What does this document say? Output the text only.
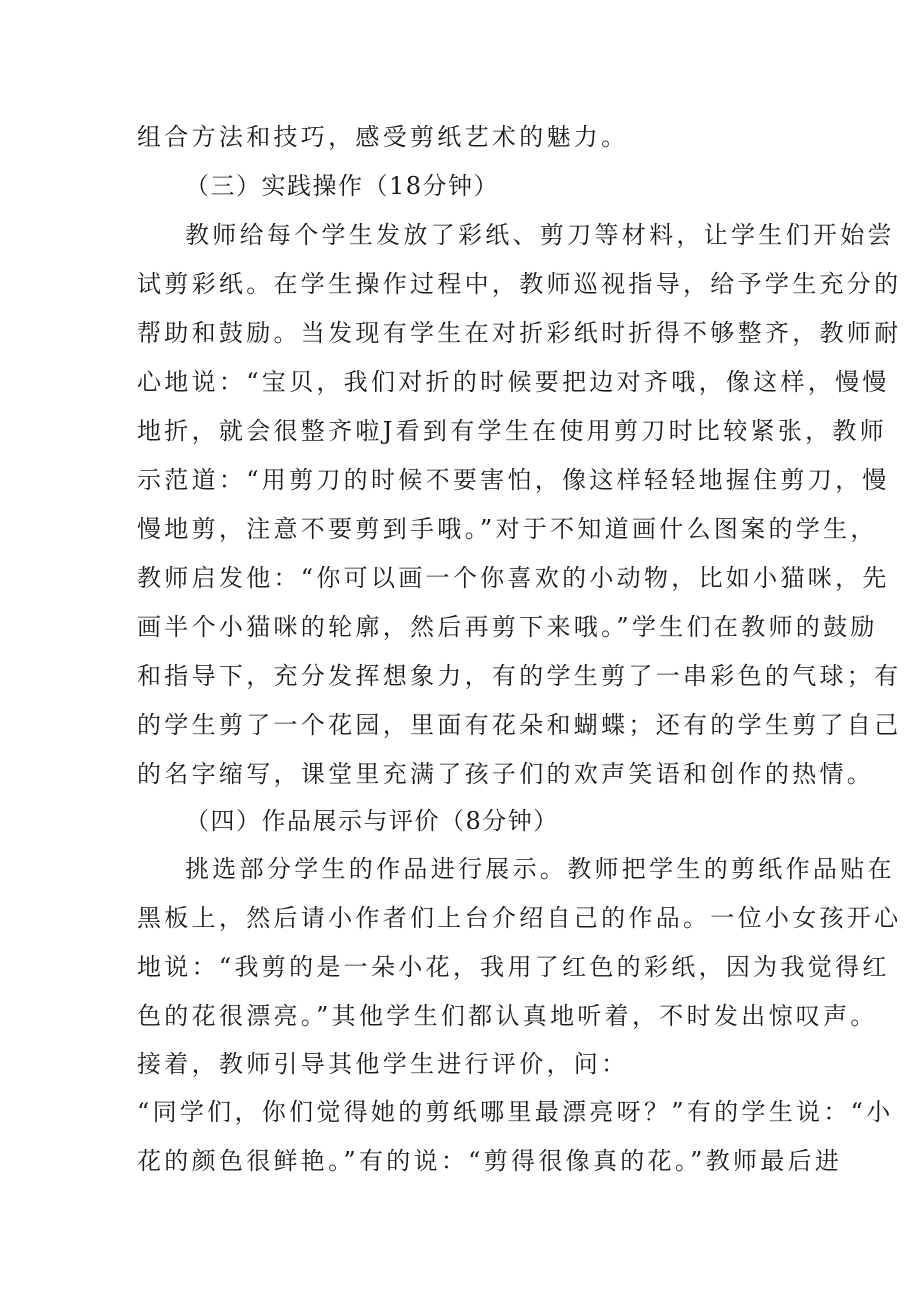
组合方法和技巧，感受剪纸艺术的魅力。
（三）实践操作（18分钟）
教师给每个学生发放了彩纸、剪刀等材料，让学生们开始尝
试剪彩纸。在学生操作过程中，教师巡视指导，给予学生充分的
帮助和鼓励。当发现有学生在对折彩纸时折得不够整齐，教师耐
心地说：“宝贝，我们对折的时候要把边对齐哦，像这样，慢慢
地折，就会很整齐啦J看到有学生在使用剪刀时比较紧张，教师
示范道：“用剪刀的时候不要害怕，像这样轻轻地握住剪刀，慢
慢地剪，注意不要剪到手哦。”对于不知道画什么图案的学生，
教师启发他：“你可以画一个你喜欢的小动物，比如小猫咪，先
画半个小猫咪的轮廓，然后再剪下来哦。”学生们在教师的鼓励
和指导下，充分发挥想象力，有的学生剪了一串彩色的气球；有
的学生剪了一个花园，里面有花朵和蝴蝶；还有的学生剪了自己
的名字缩写，课堂里充满了孩子们的欢声笑语和创作的热情。
（四）作品展示与评价（8分钟）
挑选部分学生的作品进行展示。教师把学生的剪纸作品贴在
黑板上，然后请小作者们上台介绍自己的作品。一位小女孩开心
地说：“我剪的是一朵小花，我用了红色的彩纸，因为我觉得红
色的花很漂亮。”其他学生们都认真地听着，不时发出惊叹声。
接着，教师引导其他学生进行评价，问：
“同学们，你们觉得她的剪纸哪里最漂亮呀？”有的学生说：“小
花的颜色很鲜艳。”有的说：“剪得很像真的花。”教师最后进
